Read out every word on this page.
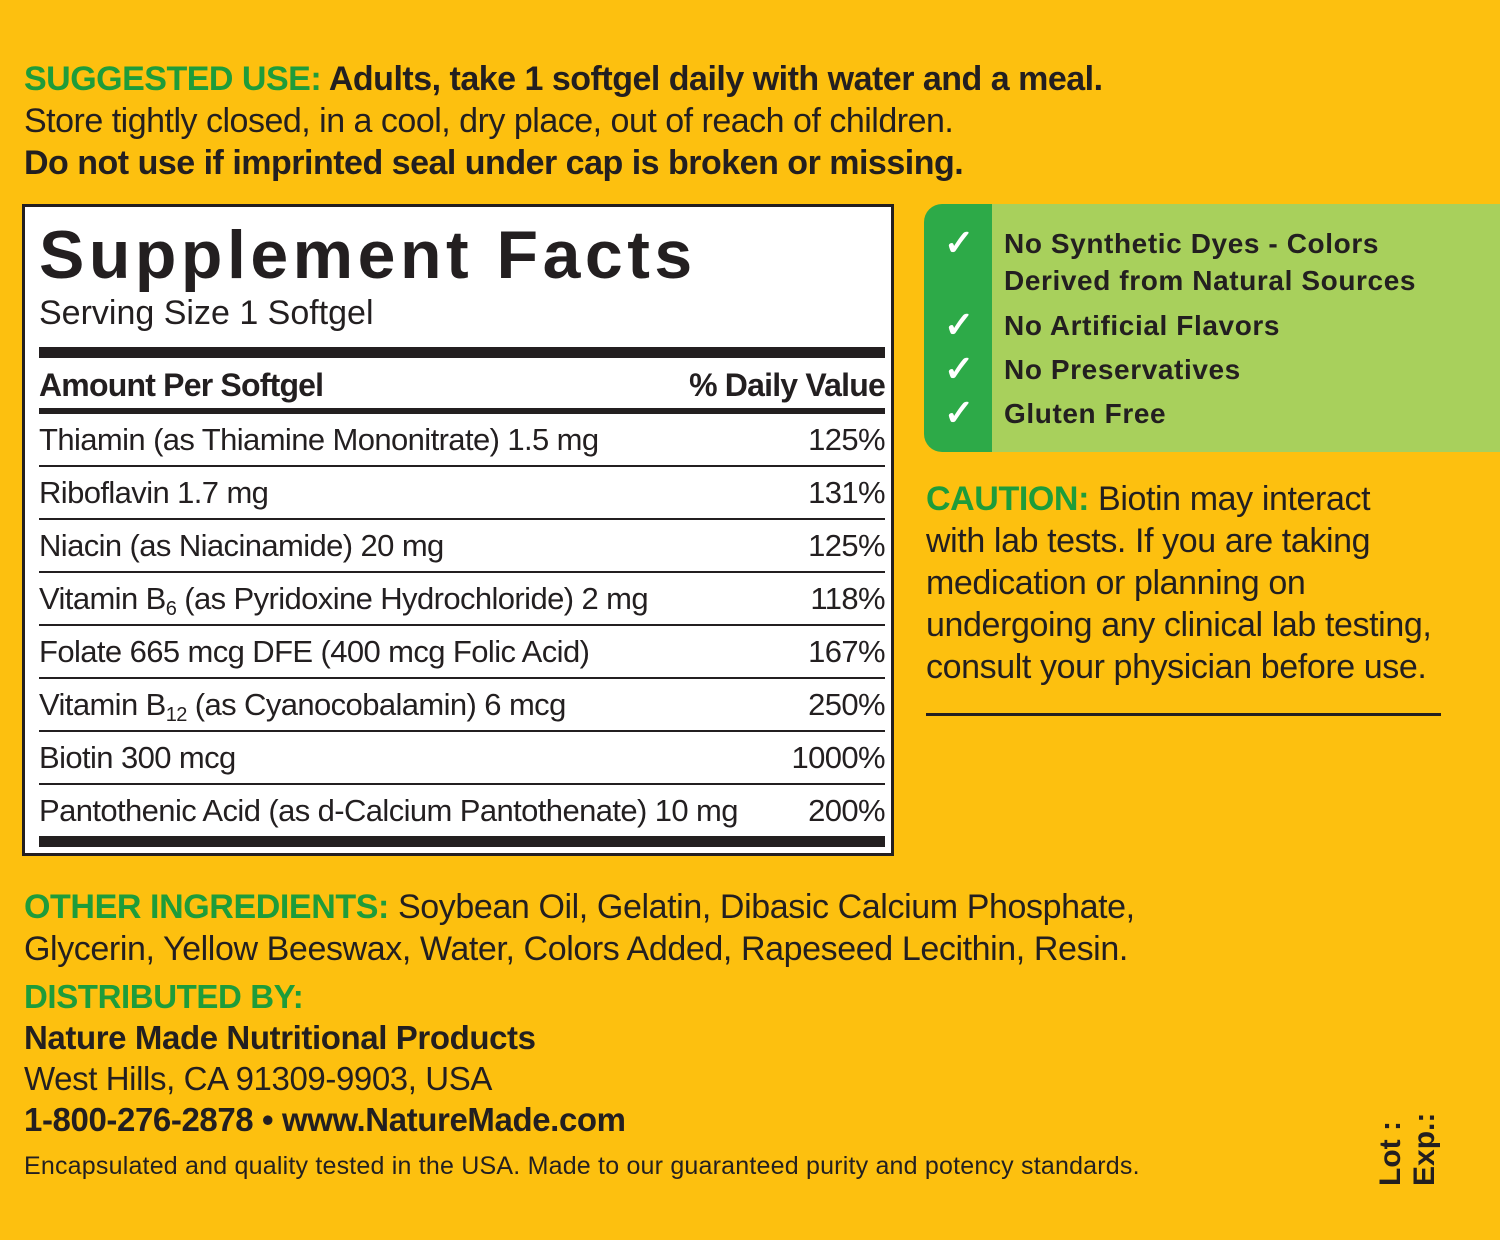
SUGGESTED USE: Adults, take 1 softgel daily with water and a meal.
Store tightly closed, in a cool, dry place, out of reach of children.
Do not use if imprinted seal under cap is broken or missing.
Supplement Facts
Serving Size 1 Softgel
Amount Per Softgel	% Daily Value
Thiamin (as Thiamine Mononitrate) 1.5 mg	125%
Riboflavin 1.7 mg	131%
Niacin (as Niacinamide) 20 mg	125%
Vitamin $B_6$ (as Pyridoxine Hydrochloride) 2 mg	118%
Folate 665 mcg DFE (400 mcg Folic Acid)	167%
Vitamin $B_{12}$ (as Cyanocobalamin) 6 mcg	250%
Biotin 300 mcg	1000%
Pantothenic Acid (as d-Calcium Pantothenate) 10 mg 200%
✓
✓
✓
✓
No Synthetic Dyes - Colors
Derived from Natural Sources
No Artificial Flavors
No Preservatives
Gluten Free
CAUTION: Biotin may interact
with lab tests. If you are taking
medication or planning on
undergoing any clinical lab testing,
consult your physician before use.
OTHER INGREDIENTS: Soybean Oil, Gelatin, Dibasic Calcium Phosphate,
Glycerin, Yellow Beeswax, Water, Colors Added, Rapeseed Lecithin, Resin.
DISTRIBUTED BY:
Nature Made Nutritional Products
West Hills, CA 91309-9903, USA
1-800-276-2878 • www.NatureMade.com
Encapsulated and quality tested in the USA. Made to our guaranteed purity and potency standards.	Lot : Exp.:
